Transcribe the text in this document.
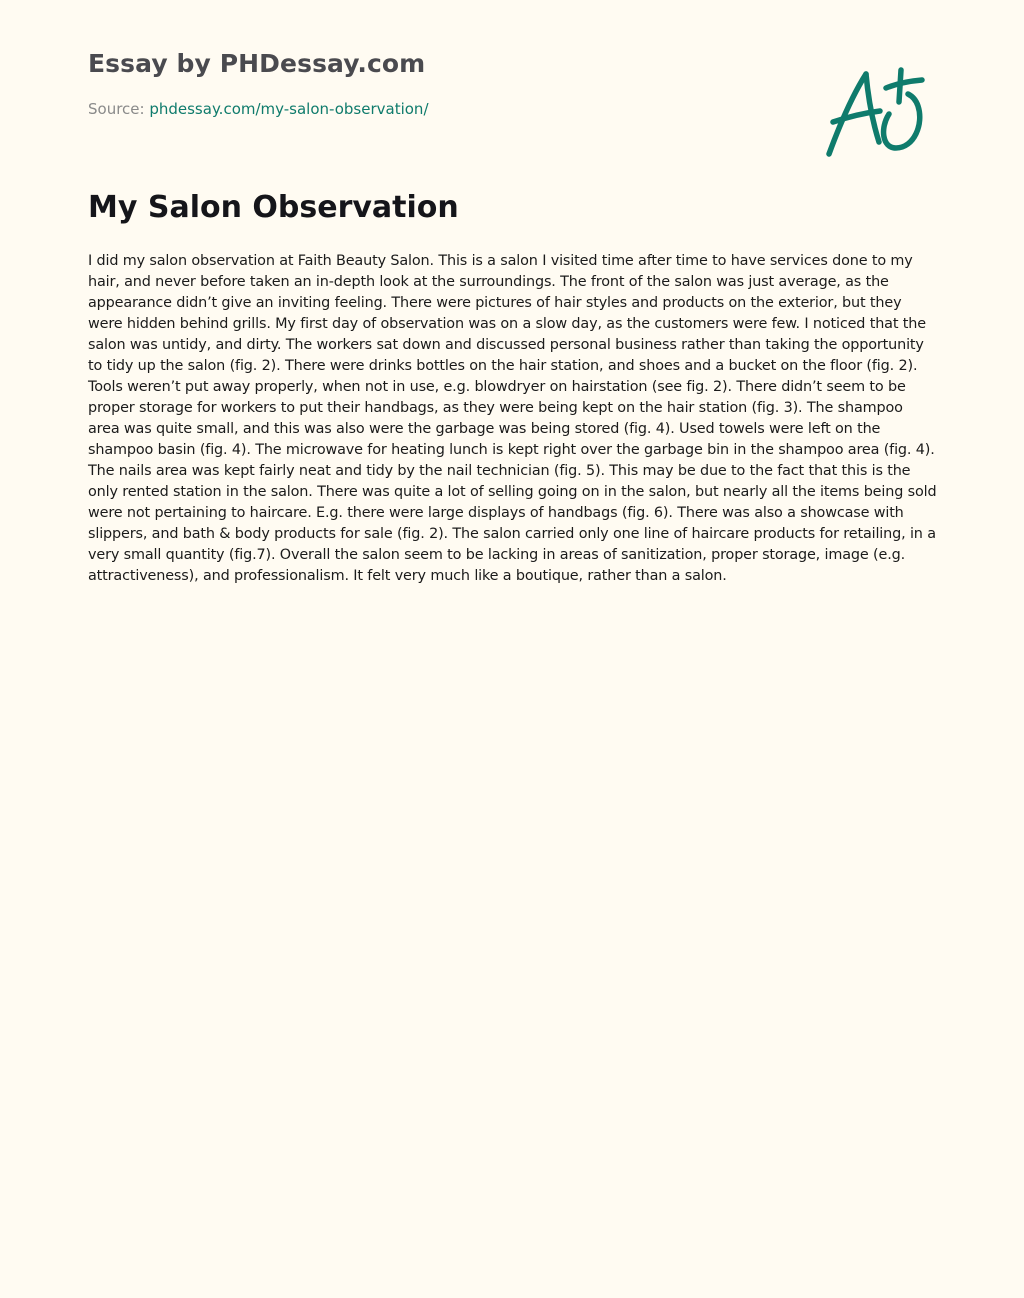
Essay by PHDessay.com

Source: phdessay.com/my-salon-observation/

My Salon Observation

I did my salon observation at Faith Beauty Salon. This is a salon I visited time after time to have services done to my hair, and never before taken an in-depth look at the surroundings. The front of the salon was just average, as the appearance didn’t give an inviting feeling. There were pictures of hair styles and products on the exterior, but they were hidden behind grills. My first day of observation was on a slow day, as the customers were few. I noticed that the salon was untidy, and dirty. The workers sat down and discussed personal business rather than taking the opportunity to tidy up the salon (fig. 2). There were drinks bottles on the hair station, and shoes and a bucket on the floor (fig. 2). Tools weren’t put away properly, when not in use, e.g. blowdryer on hairstation (see fig. 2). There didn’t seem to be proper storage for workers to put their handbags, as they were being kept on the hair station (fig. 3). The shampoo area was quite small, and this was also were the garbage was being stored (fig. 4). Used towels were left on the shampoo basin (fig. 4). The microwave for heating lunch is kept right over the garbage bin in the shampoo area (fig. 4). The nails area was kept fairly neat and tidy by the nail technician (fig. 5). This may be due to the fact that this is the only rented station in the salon. There was quite a lot of selling going on in the salon, but nearly all the items being sold were not pertaining to haircare. E.g. there were large displays of handbags (fig. 6). There was also a showcase with slippers, and bath & body products for sale (fig. 2). The salon carried only one line of haircare products for retailing, in a very small quantity (fig.7). Overall the salon seem to be lacking in areas of sanitization, proper storage, image (e.g. attractiveness), and professionalism. It felt very much like a boutique, rather than a salon.
